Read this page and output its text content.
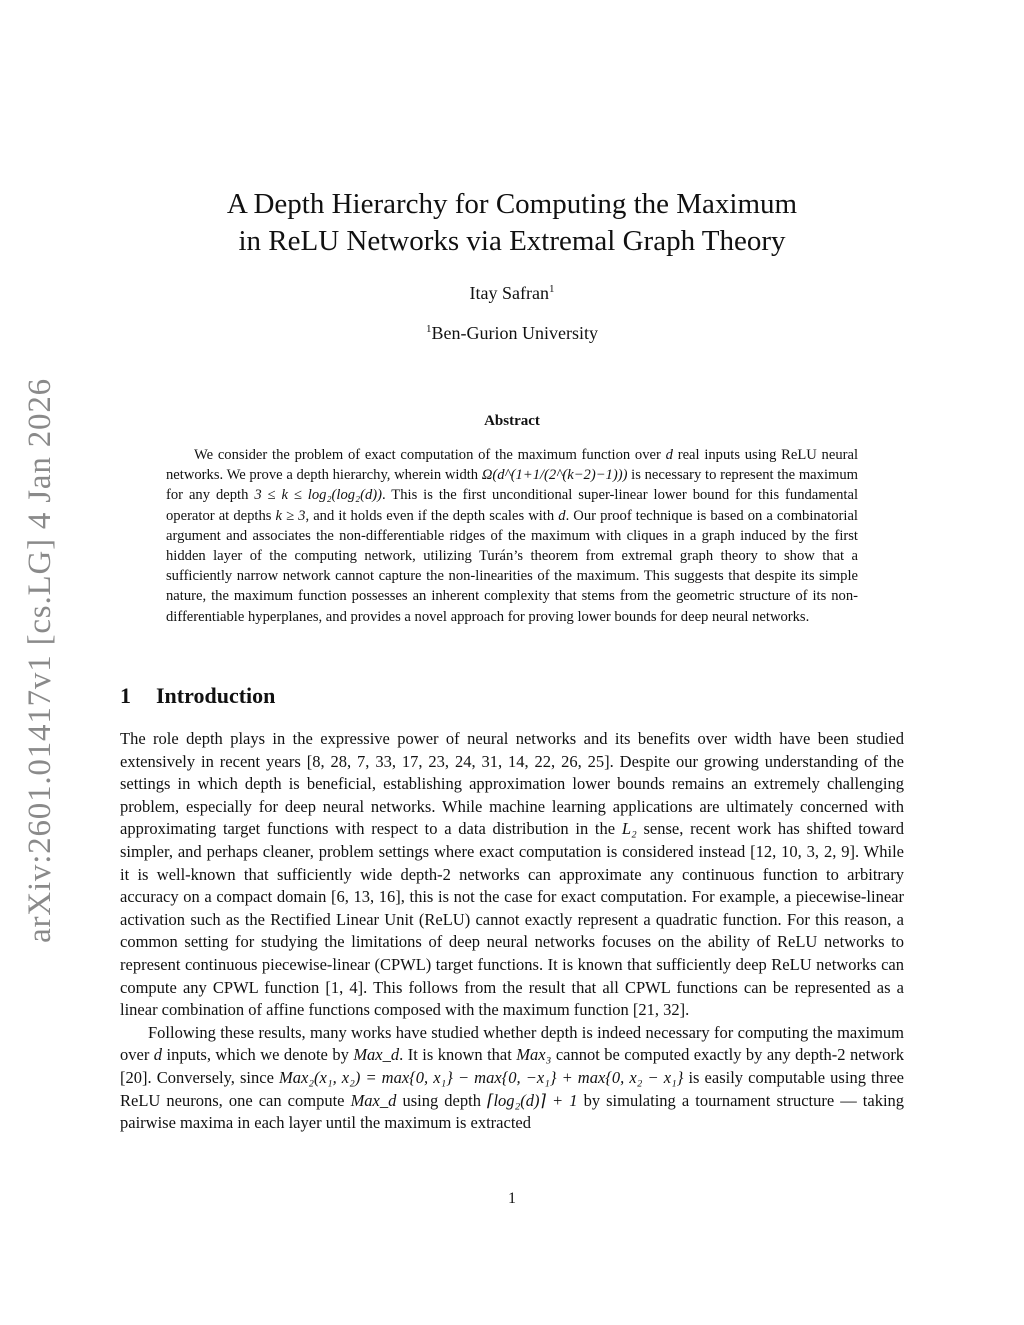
arXiv:2601.01417v1 [cs.LG] 4 Jan 2026
A Depth Hierarchy for Computing the Maximum
in ReLU Networks via Extremal Graph Theory
Itay Safran$^1$
$^1$Ben-Gurion University
Abstract

We consider the problem of exact computation of the maximum function over d real inputs using ReLU neural networks. We prove a depth hierarchy, wherein width Ω(d^(1+1/(2^(k−2)−1))) is necessary to represent the maximum for any depth 3 ≤ k ≤ log₂(log₂(d)). This is the first unconditional super-linear lower bound for this fundamental operator at depths k ≥ 3, and it holds even if the depth scales with d. Our proof technique is based on a combinatorial argument and associates the non-differentiable ridges of the maximum with cliques in a graph induced by the first hidden layer of the computing network, utilizing Turán’s theorem from extremal graph theory to show that a sufficiently narrow network cannot capture the non-linearities of the maximum. This suggests that despite its simple nature, the maximum function possesses an inherent complexity that stems from the geometric structure of its non-differentiable hyperplanes, and provides a novel approach for proving lower bounds for deep neural networks.

1 Introduction

The role depth plays in the expressive power of neural networks and its benefits over width have been studied extensively in recent years [8, 28, 7, 33, 17, 23, 24, 31, 14, 22, 26, 25]. Despite our growing understanding of the settings in which depth is beneficial, establishing approximation lower bounds remains an extremely challenging problem, especially for deep neural networks. While machine learning applications are ultimately concerned with approximating target functions with respect to a data distribution in the L₂ sense, recent work has shifted toward simpler, and perhaps cleaner, problem settings where exact computation is considered instead [12, 10, 3, 2, 9]. While it is well-known that sufficiently wide depth-2 networks can approximate any continuous function to arbitrary accuracy on a compact domain [6, 13, 16], this is not the case for exact computation. For example, a piecewise-linear activation such as the Rectified Linear Unit (ReLU) cannot exactly represent a quadratic function. For this reason, a common setting for studying the limitations of deep neural networks focuses on the ability of ReLU networks to represent continuous piecewise-linear (CPWL) target functions. It is known that sufficiently deep ReLU networks can compute any CPWL function [1, 4]. This follows from the result that all CPWL functions can be represented as a linear combination of affine functions composed with the maximum function [21, 32].

Following these results, many works have studied whether depth is indeed necessary for computing the maximum over d inputs, which we denote by Max_d. It is known that Max₃ cannot be computed exactly by any depth-2 network [20]. Conversely, since Max₂(x₁, x₂) = max{0, x₁} − max{0, −x₁} + max{0, x₂ − x₁} is easily computable using three ReLU neurons, one can compute Max_d using depth ⌈log₂(d)⌉ + 1 by simulating a tournament structure — taking pairwise maxima in each layer until the maximum is extracted

1
